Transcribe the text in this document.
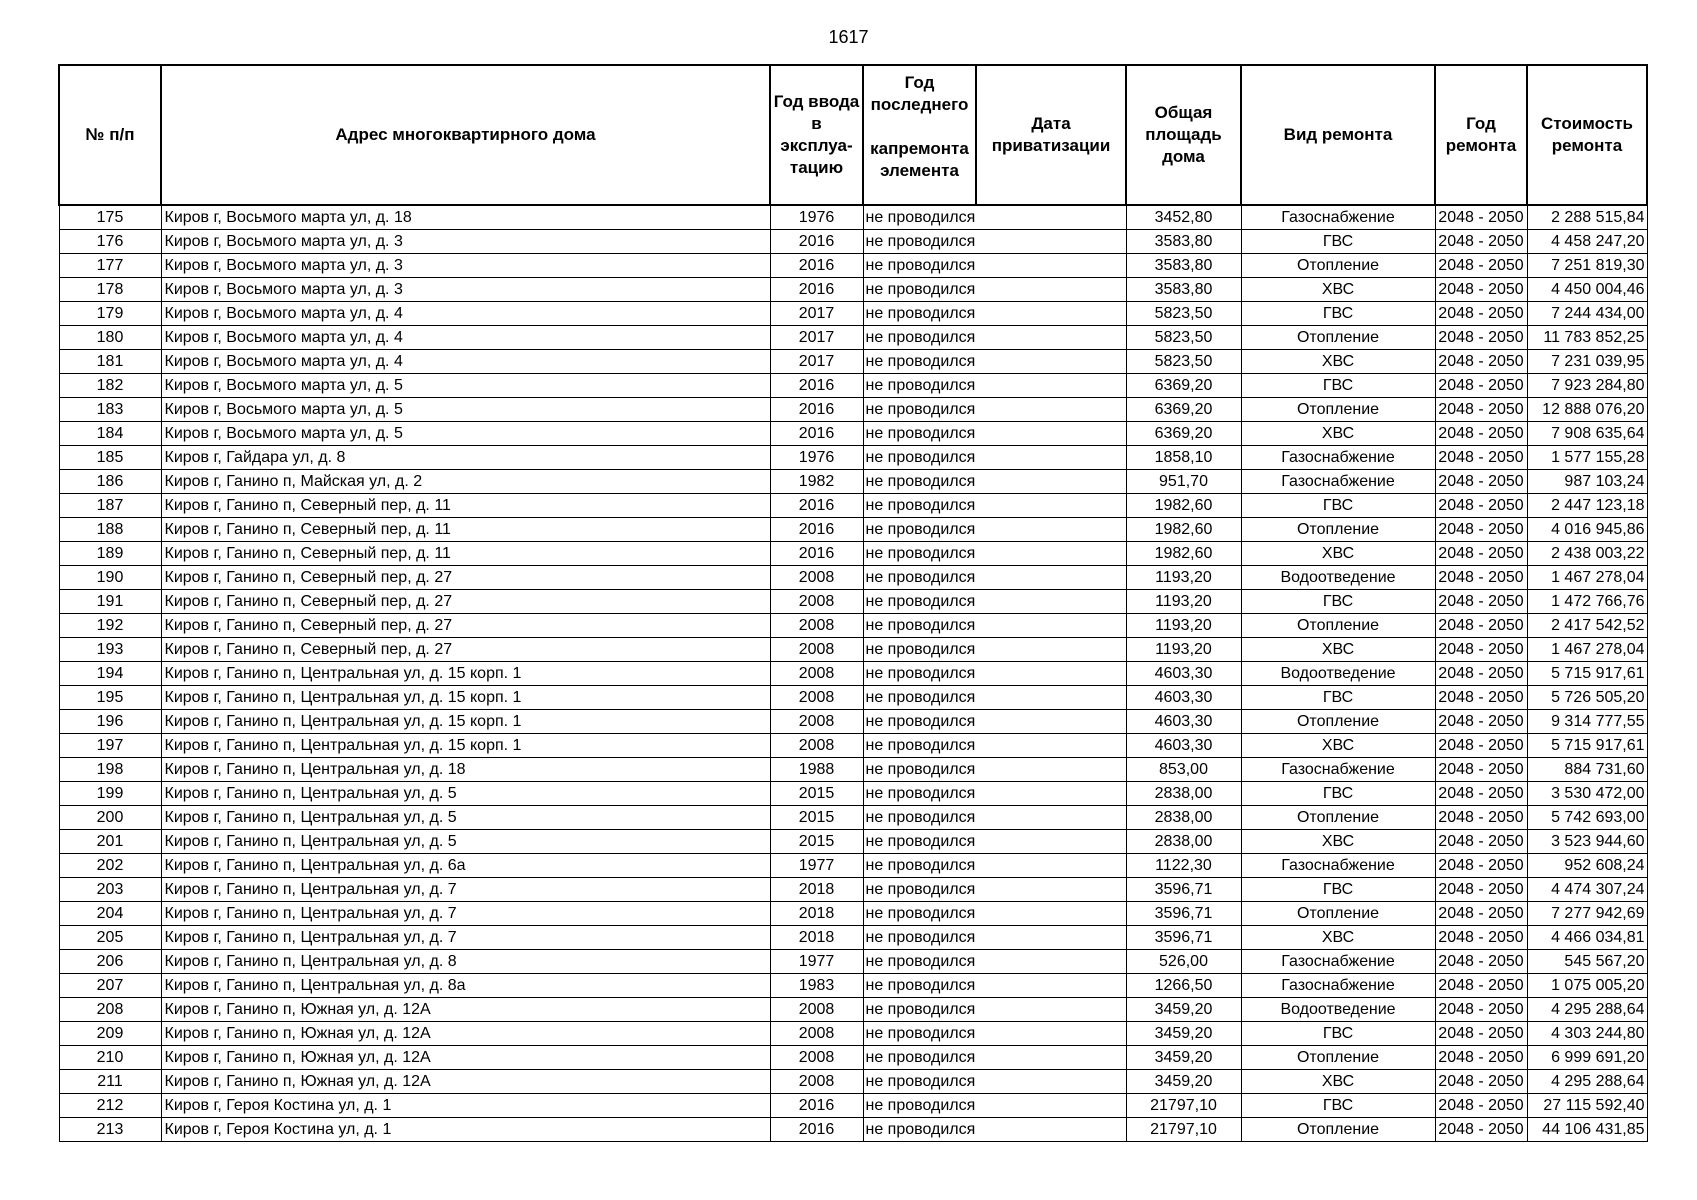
1617
№ п/п	Адрес многоквартирного дома	Год ввода в эксплуа-тацию	Год последнего
капремонта элемента	Дата приватизации	Общая площадь дома	Вид ремонта	Год ремонта	Стоимость ремонта
175	Киров г, Восьмого марта ул, д. 18	1976	не проводился		3452,80	Газоснабжение	2048 - 2050	2 288 515,84
176	Киров г, Восьмого марта ул, д. 3	2016	не проводился		3583,80	ГВС	2048 - 2050	4 458 247,20
177	Киров г, Восьмого марта ул, д. 3	2016	не проводился		3583,80	Отопление	2048 - 2050	7 251 819,30
178	Киров г, Восьмого марта ул, д. 3	2016	не проводился		3583,80	ХВС	2048 - 2050	4 450 004,46
179	Киров г, Восьмого марта ул, д. 4	2017	не проводился		5823,50	ГВС	2048 - 2050	7 244 434,00
180	Киров г, Восьмого марта ул, д. 4	2017	не проводился		5823,50	Отопление	2048 - 2050	11 783 852,25
181	Киров г, Восьмого марта ул, д. 4	2017	не проводился		5823,50	ХВС	2048 - 2050	7 231 039,95
182	Киров г, Восьмого марта ул, д. 5	2016	не проводился		6369,20	ГВС	2048 - 2050	7 923 284,80
183	Киров г, Восьмого марта ул, д. 5	2016	не проводился		6369,20	Отопление	2048 - 2050	12 888 076,20
184	Киров г, Восьмого марта ул, д. 5	2016	не проводился		6369,20	ХВС	2048 - 2050	7 908 635,64
185	Киров г, Гайдара ул, д. 8	1976	не проводился		1858,10	Газоснабжение	2048 - 2050	1 577 155,28
186	Киров г, Ганино п, Майская ул, д. 2	1982	не проводился		951,70	Газоснабжение	2048 - 2050	987 103,24
187	Киров г, Ганино п, Северный пер, д. 11	2016	не проводился		1982,60	ГВС	2048 - 2050	2 447 123,18
188	Киров г, Ганино п, Северный пер, д. 11	2016	не проводился		1982,60	Отопление	2048 - 2050	4 016 945,86
189	Киров г, Ганино п, Северный пер, д. 11	2016	не проводился		1982,60	ХВС	2048 - 2050	2 438 003,22
190	Киров г, Ганино п, Северный пер, д. 27	2008	не проводился		1193,20	Водоотведение	2048 - 2050	1 467 278,04
191	Киров г, Ганино п, Северный пер, д. 27	2008	не проводился		1193,20	ГВС	2048 - 2050	1 472 766,76
192	Киров г, Ганино п, Северный пер, д. 27	2008	не проводился		1193,20	Отопление	2048 - 2050	2 417 542,52
193	Киров г, Ганино п, Северный пер, д. 27	2008	не проводился		1193,20	ХВС	2048 - 2050	1 467 278,04
194	Киров г, Ганино п, Центральная ул, д. 15 корп. 1	2008	не проводился		4603,30	Водоотведение	2048 - 2050	5 715 917,61
195	Киров г, Ганино п, Центральная ул, д. 15 корп. 1	2008	не проводился		4603,30	ГВС	2048 - 2050	5 726 505,20
196	Киров г, Ганино п, Центральная ул, д. 15 корп. 1	2008	не проводился		4603,30	Отопление	2048 - 2050	9 314 777,55
197	Киров г, Ганино п, Центральная ул, д. 15 корп. 1	2008	не проводился		4603,30	ХВС	2048 - 2050	5 715 917,61
198	Киров г, Ганино п, Центральная ул, д. 18	1988	не проводился		853,00	Газоснабжение	2048 - 2050	884 731,60
199	Киров г, Ганино п, Центральная ул, д. 5	2015	не проводился		2838,00	ГВС	2048 - 2050	3 530 472,00
200	Киров г, Ганино п, Центральная ул, д. 5	2015	не проводился		2838,00	Отопление	2048 - 2050	5 742 693,00
201	Киров г, Ганино п, Центральная ул, д. 5	2015	не проводился		2838,00	ХВС	2048 - 2050	3 523 944,60
202	Киров г, Ганино п, Центральная ул, д. 6а	1977	не проводился		1122,30	Газоснабжение	2048 - 2050	952 608,24
203	Киров г, Ганино п, Центральная ул, д. 7	2018	не проводился		3596,71	ГВС	2048 - 2050	4 474 307,24
204	Киров г, Ганино п, Центральная ул, д. 7	2018	не проводился		3596,71	Отопление	2048 - 2050	7 277 942,69
205	Киров г, Ганино п, Центральная ул, д. 7	2018	не проводился		3596,71	ХВС	2048 - 2050	4 466 034,81
206	Киров г, Ганино п, Центральная ул, д. 8	1977	не проводился		526,00	Газоснабжение	2048 - 2050	545 567,20
207	Киров г, Ганино п, Центральная ул, д. 8а	1983	не проводился		1266,50	Газоснабжение	2048 - 2050	1 075 005,20
208	Киров г, Ганино п, Южная ул, д. 12А	2008	не проводился		3459,20	Водоотведение	2048 - 2050	4 295 288,64
209	Киров г, Ганино п, Южная ул, д. 12А	2008	не проводился		3459,20	ГВС	2048 - 2050	4 303 244,80
210	Киров г, Ганино п, Южная ул, д. 12А	2008	не проводился		3459,20	Отопление	2048 - 2050	6 999 691,20
211	Киров г, Ганино п, Южная ул, д. 12А	2008	не проводился		3459,20	ХВС	2048 - 2050	4 295 288,64
212	Киров г, Героя Костина ул, д. 1	2016	не проводился		21797,10	ГВС	2048 - 2050	27 115 592,40
213	Киров г, Героя Костина ул, д. 1	2016	не проводился		21797,10	Отопление	2048 - 2050	44 106 431,85
